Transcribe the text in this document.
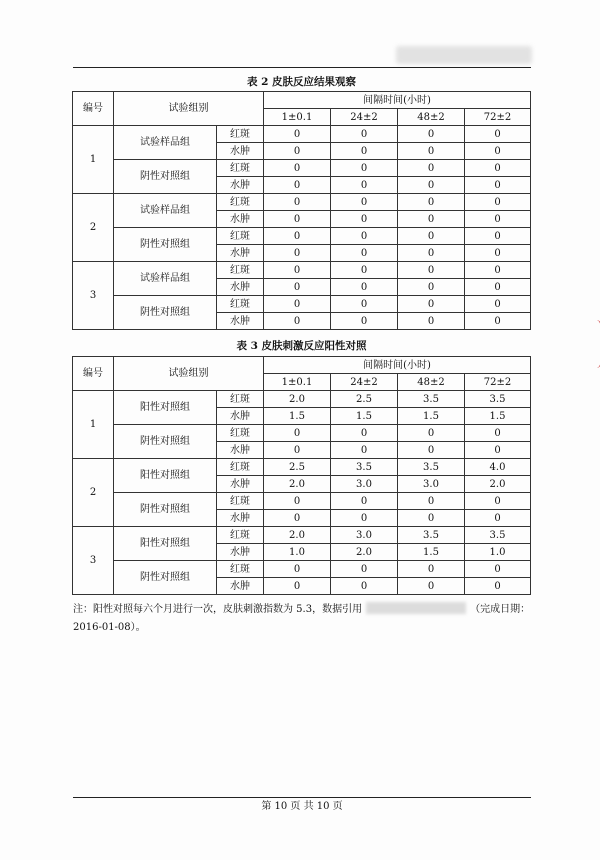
表 2 皮肤反应结果观察
编号	试验组别		间隔时间(小时)			
			1±0.1	24±2	48±2	72±2
1	试验样品组	红斑	0	0	0	0
		水肿	0	0	0	0
	阴性对照组	红斑	0	0	0	0
		水肿	0	0	0	0
2	试验样品组	红斑	0	0	0	0
		水肿	0	0	0	0
	阴性对照组	红斑	0	0	0	0
		水肿	0	0	0	0
3	试验样品组	红斑	0	0	0	0
		水肿	0	0	0	0
	阴性对照组	红斑	0	0	0	0
		水肿	0	0	0	0
表 3 皮肤刺激反应阳性对照
编号	试验组别		间隔时间(小时)			
			1±0.1	24±2	48±2	72±2
1	阳性对照组	红斑	2.0	2.5	3.5	3.5
		水肿	1.5	1.5	1.5	1.5
	阴性对照组	红斑	0	0	0	0
		水肿	0	0	0	0
2	阳性对照组	红斑	2.5	3.5	3.5	4.0
		水肿	2.0	3.0	3.0	2.0
	阴性对照组	红斑	0	0	0	0
		水肿	0	0	0	0
3	阳性对照组	红斑	2.0	3.0	3.5	3.5
		水肿	1.0	2.0	1.5	1.0
	阴性对照组	红斑	0	0	0	0
		水肿	0	0	0	0
注：阳性对照每六个月进行一次，皮肤刺激指数为 5.3，数据引用	（完成日期：
2016-01-08）。
第 10 页 共 10 页
